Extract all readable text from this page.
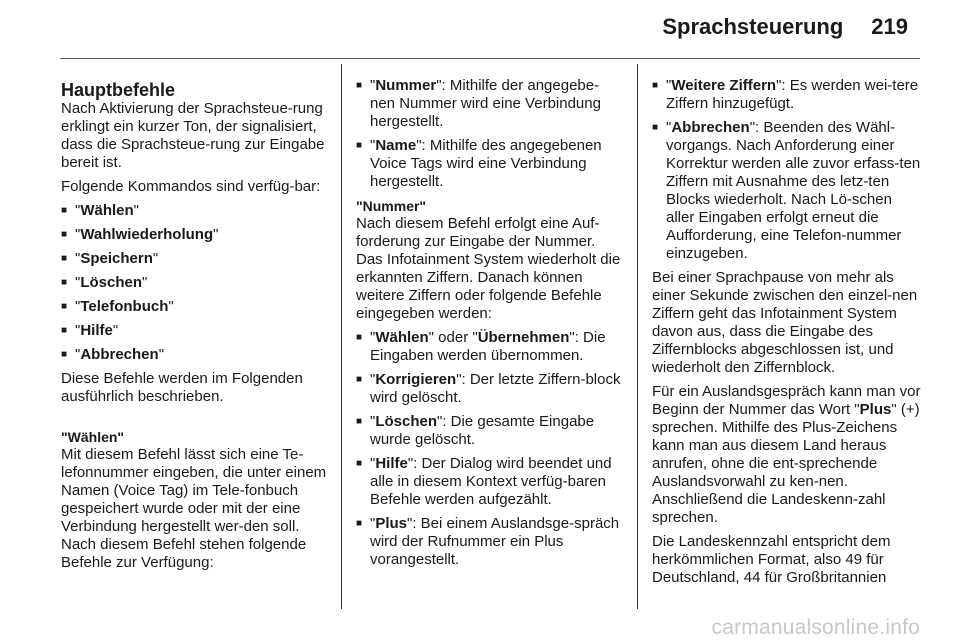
Sprachsteuerung 219
Hauptbefehle

Nach Aktivierung der Sprachsteue-rung erklingt ein kurzer Ton, der signalisiert, dass die Sprachsteue-rung zur Eingabe bereit ist.

Folgende Kommandos sind verfüg-bar:

■ "Wählen"
■ "Wahlwiederholung"
■ "Speichern"
■ "Löschen"
■ "Telefonbuch"
■ "Hilfe"
■ "Abbrechen"

Diese Befehle werden im Folgenden ausführlich beschrieben.

"Wählen"

Mit diesem Befehl lässt sich eine Te-lefonnummer eingeben, die unter einem Namen (Voice Tag) im Tele-fonbuch gespeichert wurde oder mit der eine Verbindung hergestellt wer-den soll. Nach diesem Befehl stehen folgende Befehle zur Verfügung:

■ "Nummer": Mithilfe der angegebe-nen Nummer wird eine Verbindung hergestellt.
■ "Name": Mithilfe des angegebenen Voice Tags wird eine Verbindung hergestellt.
"Nummer"

Nach diesem Befehl erfolgt eine Auf-forderung zur Eingabe der Nummer. Das Infotainment System wiederholt die erkannten Ziffern. Danach können weitere Ziffern oder folgende Befehle eingegeben werden:

■ "Wählen" oder "Übernehmen": Die Eingaben werden übernommen.
■ "Korrigieren": Der letzte Ziffern-block wird gelöscht.
■ "Löschen": Die gesamte Eingabe wurde gelöscht.
■ "Hilfe": Der Dialog wird beendet und alle in diesem Kontext verfüg-baren Befehle werden aufgezählt.
■ "Plus": Bei einem Auslandsge-spräch wird der Rufnummer ein Plus vorangestellt.
■ "Weitere Ziffern": Es werden wei-tere Ziffern hinzugefügt.
■ "Abbrechen": Beenden des Wähl-vorgangs. Nach Anforderung einer Korrektur werden alle zuvor erfass-ten Ziffern mit Ausnahme des letz-ten Blocks wiederholt. Nach Lö-schen aller Eingaben erfolgt erneut die Aufforderung, eine Telefon-nummer einzugeben.

Bei einer Sprachpause von mehr als einer Sekunde zwischen den einzel-nen Ziffern geht das Infotainment System davon aus, dass die Eingabe des Ziffernblocks abgeschlossen ist, und wiederholt den Ziffernblock.

Für ein Auslandsgespräch kann man vor Beginn der Nummer das Wort "Plus" (+) sprechen. Mithilfe des Plus-Zeichens kann man aus diesem Land heraus anrufen, ohne die ent-sprechende Auslandsvorwahl zu ken-nen. Anschließend die Landeskenn-zahl sprechen.

Die Landeskennzahl entspricht dem herkömmlichen Format, also 49 für Deutschland, 44 für Großbritannien

carmanualsonline.info
